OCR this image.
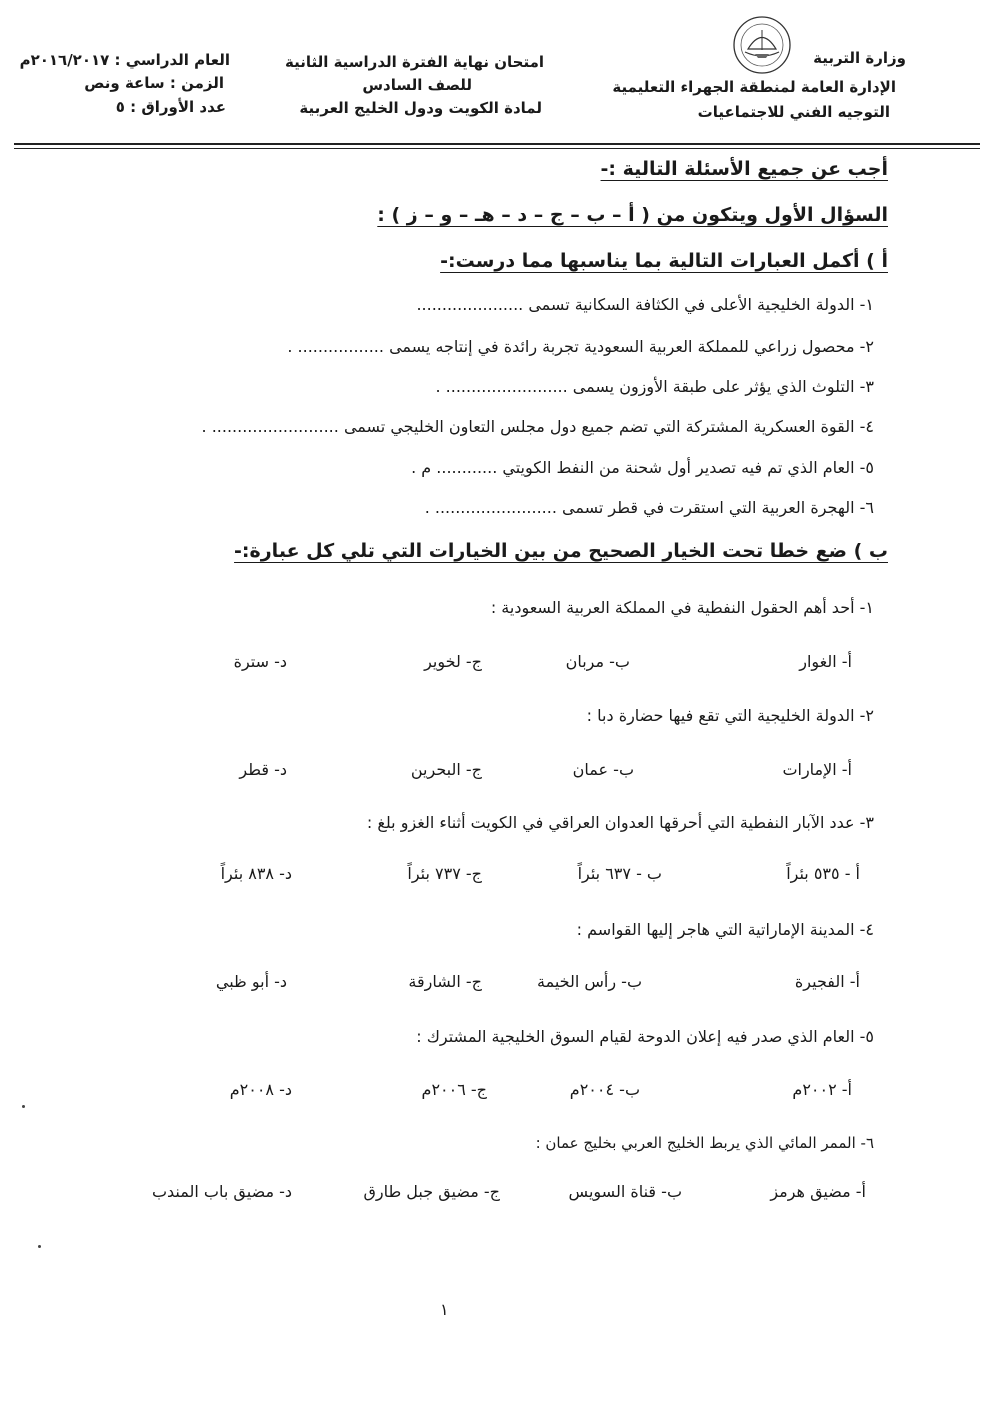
وزارة التربية
الإدارة العامة لمنطقة الجهراء التعليمية
التوجيه الفني للاجتماعيات
امتحان نهاية الفترة الدراسية الثانية
للصف السادس
لمادة الكويت ودول الخليج العربية
العام الدراسي : ٢٠١٦/٢٠١٧م
الزمن : ساعة ونص
عدد الأوراق : ٥
أجب عن جميع الأسئلة التالية :-
السؤال الأول ويتكون من ( أ – ب – ج – د – هـ – و – ز ) :
أ ) أكمل العبارات التالية بما يناسبها مما درست:-
١- الدولة الخليجية الأعلى في الكثافة السكانية تسمى .....................
٢- محصول زراعي للمملكة العربية السعودية تجربة رائدة في إنتاجه يسمى ................. .
٣- التلوث الذي يؤثر على طبقة الأوزون يسمى ........................ .
٤- القوة العسكرية المشتركة التي تضم جميع دول مجلس التعاون الخليجي تسمى ......................... .
٥- العام الذي تم فيه تصدير أول شحنة من النفط الكويتي ............ م .
٦- الهجرة العربية التي استقرت في قطر تسمى ........................ .
ب ) ضع خطا تحت الخيار الصحيح من بين الخيارات التي تلي كل عبارة:-
١- أحد أهم الحقول النفطية في المملكة العربية السعودية :
أ- الغوار
ب- مربان
ج- لخوير
د- سترة
٢- الدولة الخليجية التي تقع فيها حضارة دبا :
أ- الإمارات
ب- عمان
ج- البحرين
د- قطر
٣- عدد الآبار النفطية التي أحرقها العدوان العراقي في الكويت أثناء الغزو بلغ :
أ - ٥٣٥ بئراً
ب - ٦٣٧ بئراً
ج- ٧٣٧ بئراً
د- ٨٣٨ بئراً
٤- المدينة الإماراتية التي هاجر إليها القواسم :
أ- الفجيرة
ب- رأس الخيمة
ج- الشارقة
د- أبو ظبي
٥- العام الذي صدر فيه إعلان الدوحة لقيام السوق الخليجية المشترك :
أ- ٢٠٠٢م
ب- ٢٠٠٤م
ج- ٢٠٠٦م
د- ٢٠٠٨م
٦- الممر المائي الذي يربط الخليج العربي بخليج عمان :
أ- مضيق هرمز
ب- قناة السويس
ج- مضيق جبل طارق
د- مضيق باب المندب
١
